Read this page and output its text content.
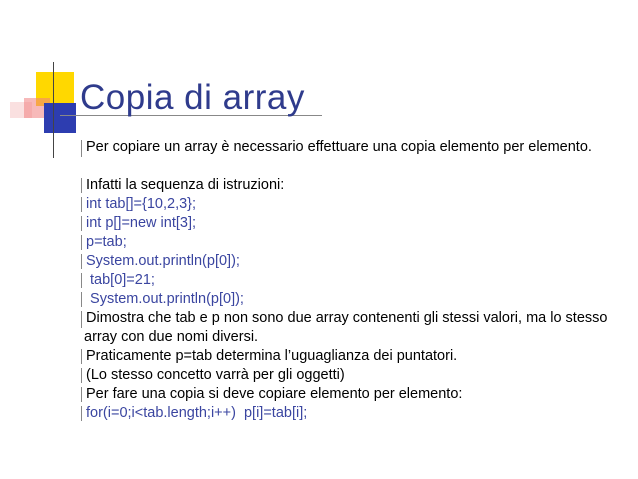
Copia di array
Per copiare un array è necessario effettuare una copia elemento per elemento.
Infatti la sequenza di istruzioni:
int tab[]={10,2,3};
int p[]=new int[3];
p=tab;
System.out.println(p[0]);
tab[0]=21;
System.out.println(p[0]);
Dimostra che tab e p non sono due array contenenti gli stessi valori, ma lo stesso array con due nomi diversi.
Praticamente p=tab determina l’uguaglianza dei puntatori.
(Lo stesso concetto varrà per gli oggetti)
Per fare una copia si deve copiare elemento per elemento:
for(i=0;i<tab.length;i++)  p[i]=tab[i];
